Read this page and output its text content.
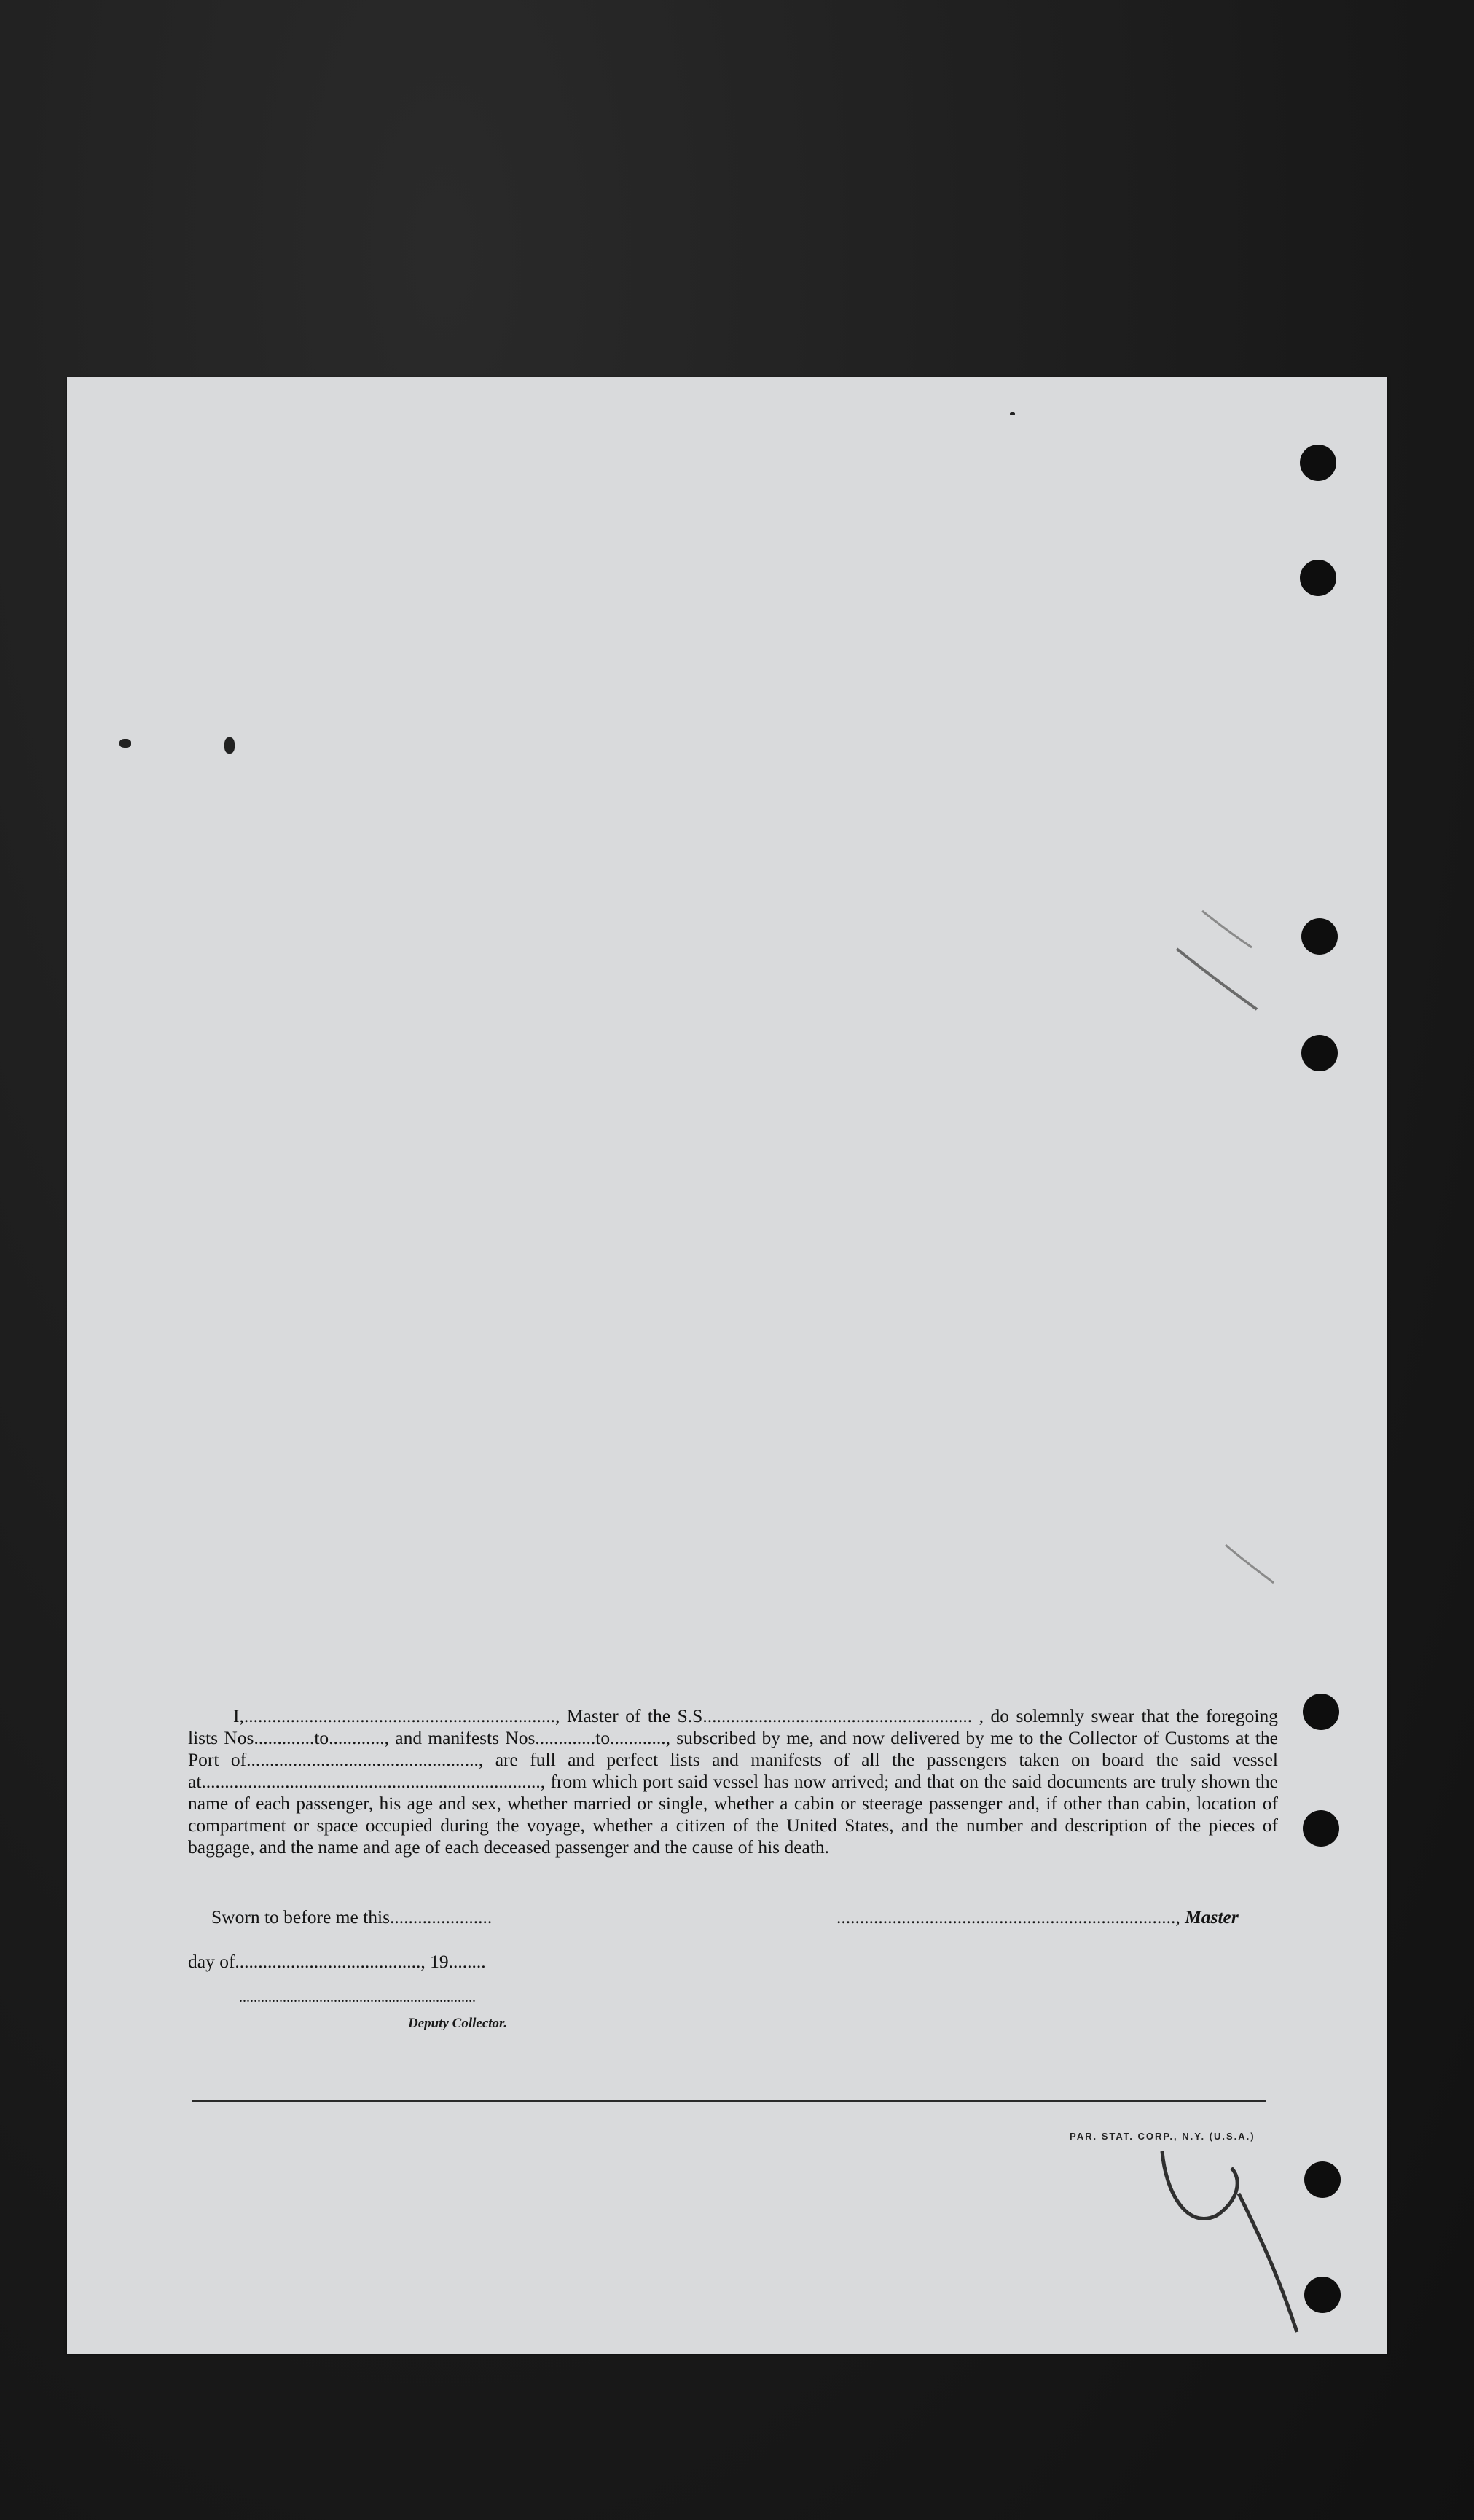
I,..................................................................., Master of the S.S.......................................................... , do solemnly swear that the foregoing lists Nos.............to............, and manifests Nos.............to............, subscribed by me, and now delivered by me to the Collector of Customs at the Port of.................................................., are full and perfect lists and manifests of all the passengers taken on board the said vessel at........................................................................., from which port said vessel has now arrived; and that on the said documents are truly shown the name of each passenger, his age and sex, whether married or single, whether a cabin or steerage passenger and, if other than cabin, location of compartment or space occupied during the voyage, whether a citizen of the United States, and the number and description of the pieces of baggage, and the name and age of each deceased passenger and the cause of his death.

Sworn to before me this......................	........................................................................., Master
day of........................................, 19........
.................................................................
Deputy Collector.
PAR. STAT. CORP., N.Y. (U.S.A.)
